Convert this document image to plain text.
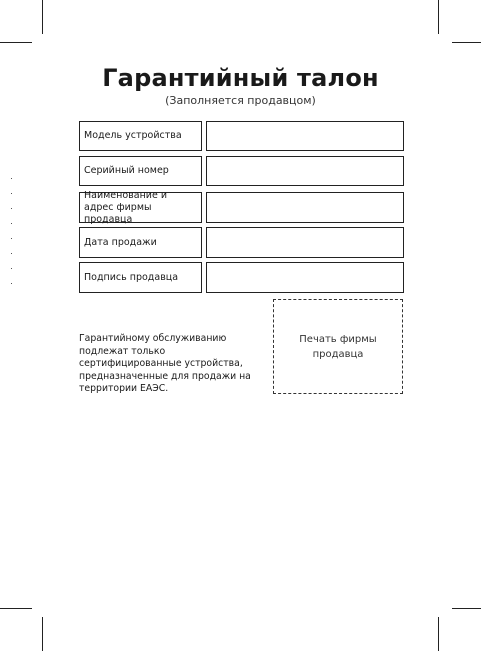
Гарантийный талон
(Заполняется продавцом)
Модель устройства
Серийный номер
Наименование и адрес фирмы продавца
Дата продажи
Подпись продавца
Печать фирмы продавца
Гарантийному обслуживанию подлежат только сертифицированные устройства, предназначенные для продажи на территории ЕАЭС.
